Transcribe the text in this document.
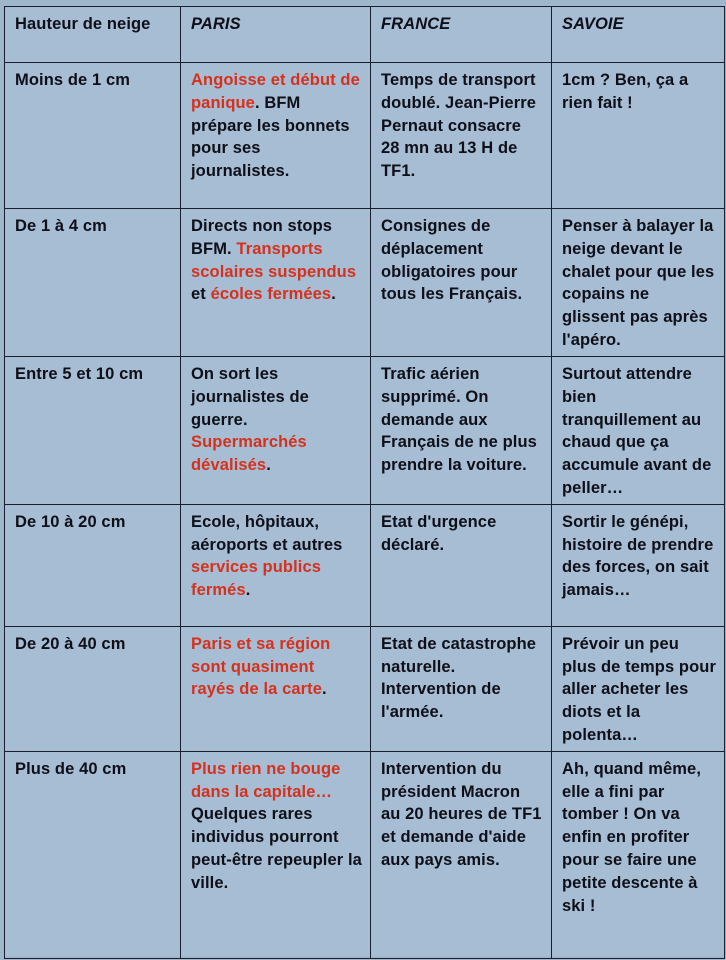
Hauteur de neige	PARIS	FRANCE	SAVOIE
Moins de 1 cm	Angoisse et début de panique. BFM prépare les bonnets pour ses journalistes.	Temps de transport doublé. Jean-Pierre Pernaut consacre 28 mn au 13 H de TF1.	1cm ? Ben, ça a rien fait !
De 1 à 4 cm	Directs non stops BFM. Transports scolaires suspendus et écoles fermées.	Consignes de déplacement obligatoires pour tous les Français.	Penser à balayer la neige devant le chalet pour que les copains ne glissent pas après l'apéro.
Entre 5 et 10 cm	On sort les journalistes de guerre. Supermarchés dévalisés.	Trafic aérien supprimé. On demande aux Français de ne plus prendre la voiture.	Surtout attendre bien tranquillement au chaud que ça accumule avant de peller…
De 10 à 20 cm	Ecole, hôpitaux, aéroports et autres services publics fermés.	Etat d'urgence déclaré.	Sortir le génépi, histoire de prendre des forces, on sait jamais…
De 20 à 40 cm	Paris et sa région sont quasiment rayés de la carte.	Etat de catastrophe naturelle. Intervention de l'armée.	Prévoir un peu plus de temps pour aller acheter les diots et la polenta…
Plus de 40 cm	Plus rien ne bouge dans la capitale… Quelques rares individus pourront peut-être repeupler la ville.	Intervention du président Macron au 20 heures de TF1 et demande d'aide aux pays amis.	Ah, quand même, elle a fini par tomber ! On va enfin en profiter pour se faire une petite descente à ski !
